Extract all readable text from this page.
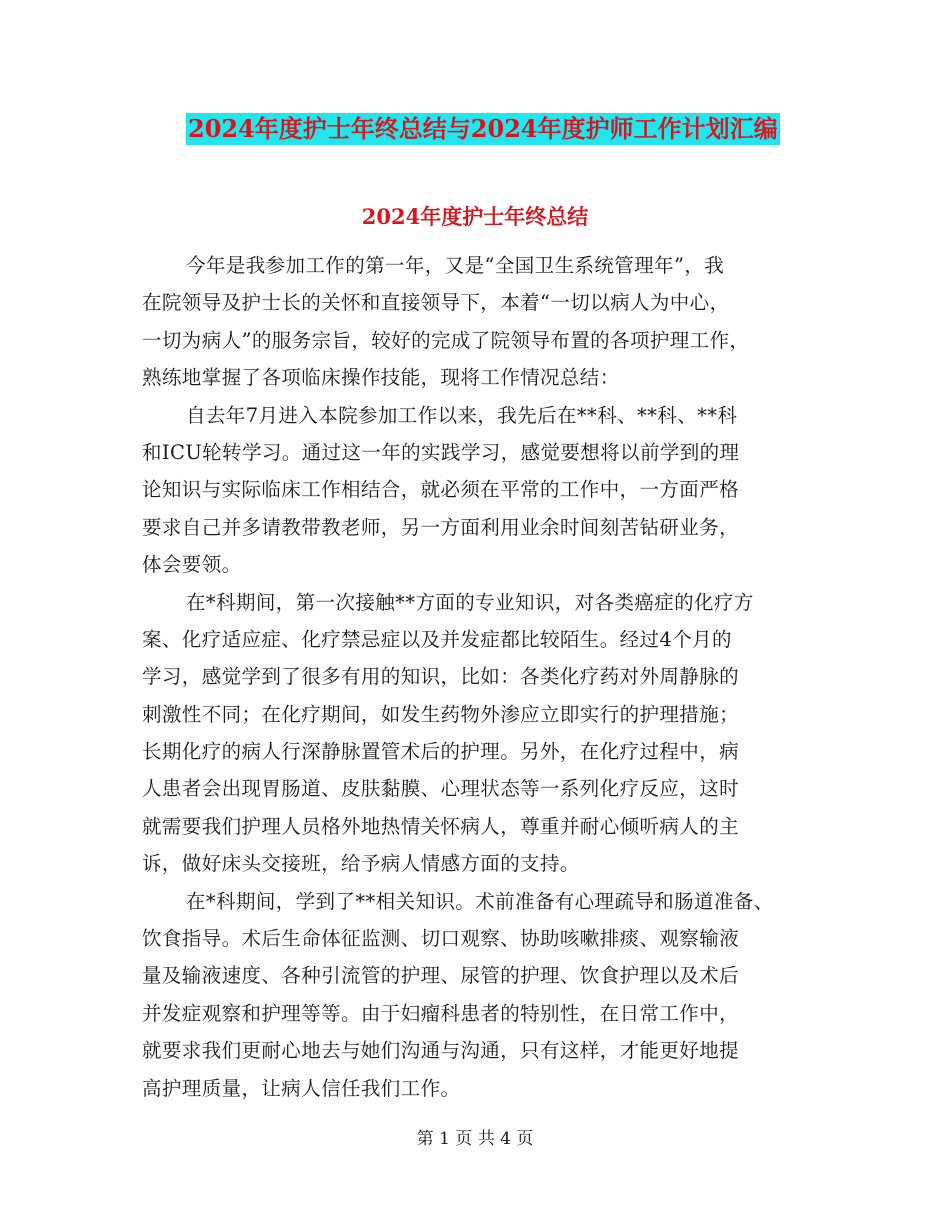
2024年度护士年终总结与2024年度护师工作计划汇编
2024年度护士年终总结
今年是我参加工作的第一年，又是“全国卫生系统管理年”，我
在院领导及护士长的关怀和直接领导下，本着“一切以病人为中心，
一切为病人”的服务宗旨，较好的完成了院领导布置的各项护理工作，
熟练地掌握了各项临床操作技能，现将工作情况总结：
自去年7月进入本院参加工作以来，我先后在**科、**科、**科
和ICU轮转学习。通过这一年的实践学习，感觉要想将以前学到的理
论知识与实际临床工作相结合，就必须在平常的工作中，一方面严格
要求自己并多请教带教老师，另一方面利用业余时间刻苦钻研业务，
体会要领。
在*科期间，第一次接触**方面的专业知识，对各类癌症的化疗方
案、化疗适应症、化疗禁忌症以及并发症都比较陌生。经过4个月的
学习，感觉学到了很多有用的知识，比如：各类化疗药对外周静脉的
刺激性不同；在化疗期间，如发生药物外渗应立即实行的护理措施；
长期化疗的病人行深静脉置管术后的护理。另外，在化疗过程中，病
人患者会出现胃肠道、皮肤黏膜、心理状态等一系列化疗反应，这时
就需要我们护理人员格外地热情关怀病人，尊重并耐心倾听病人的主
诉，做好床头交接班，给予病人情感方面的支持。
在*科期间，学到了**相关知识。术前准备有心理疏导和肠道准备、
饮食指导。术后生命体征监测、切口观察、协助咳嗽排痰、观察输液
量及输液速度、各种引流管的护理、尿管的护理、饮食护理以及术后
并发症观察和护理等等。由于妇瘤科患者的特别性，在日常工作中，
就要求我们更耐心地去与她们沟通与沟通，只有这样，才能更好地提
高护理质量，让病人信任我们工作。
第 1 页 共 4 页
